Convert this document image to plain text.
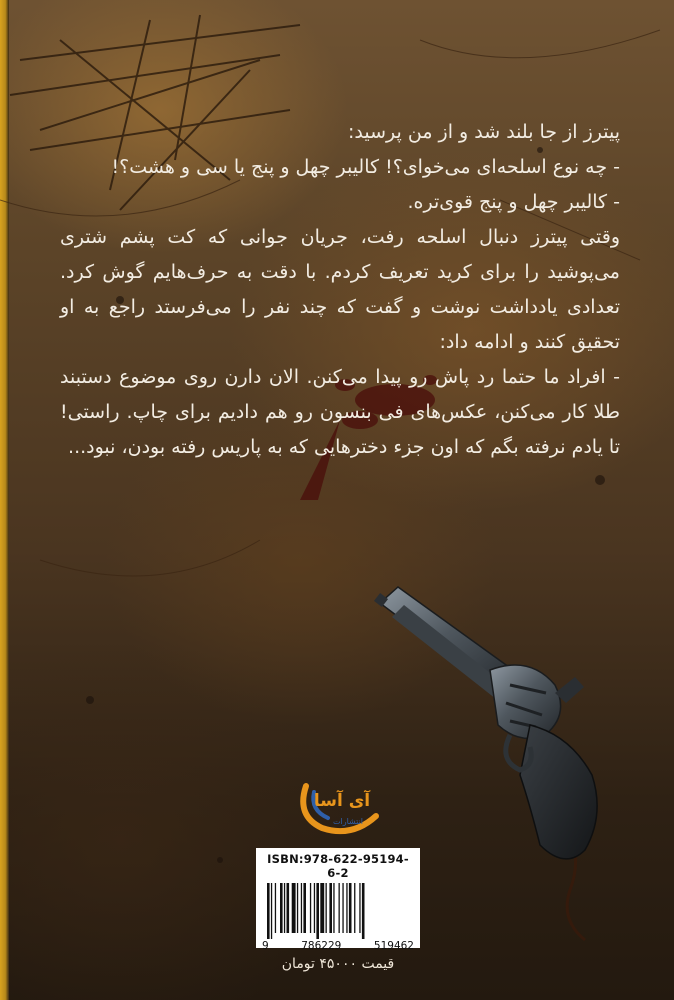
پیترز از جا بلند شد و از من پرسید:

- چه نوع اسلحه‌ای می‌خوای؟! کالیبر چهل و پنج یا سی و هشت؟!

- کالیبر چهل و پنج قوی‌تره.

وقتی پیترز دنبال اسلحه رفت، جریان جوانی که کت پشم شتری می‌پوشید را برای کرید تعریف کردم. با دقت به حرف‌هایم گوش کرد. تعدادی یادداشت نوشت و گفت که چند نفر را می‌فرستد راجع به او تحقیق کنند و ادامه داد:

- افراد ما حتما رد پاش رو پیدا می‌کنن. الان دارن روی موضوع دستبند طلا کار می‌کنن، عکس‌های فی بنسون رو هم دادیم برای چاپ. راستی! تا یادم نرفته بگم که اون جزء دخترهایی که به پاریس رفته بودن، نبود...

آی آسا
انتشارات
ISBN:978-622-95194-6-2
9	786229	519462
قیمت ۴۵۰۰۰ تومان
